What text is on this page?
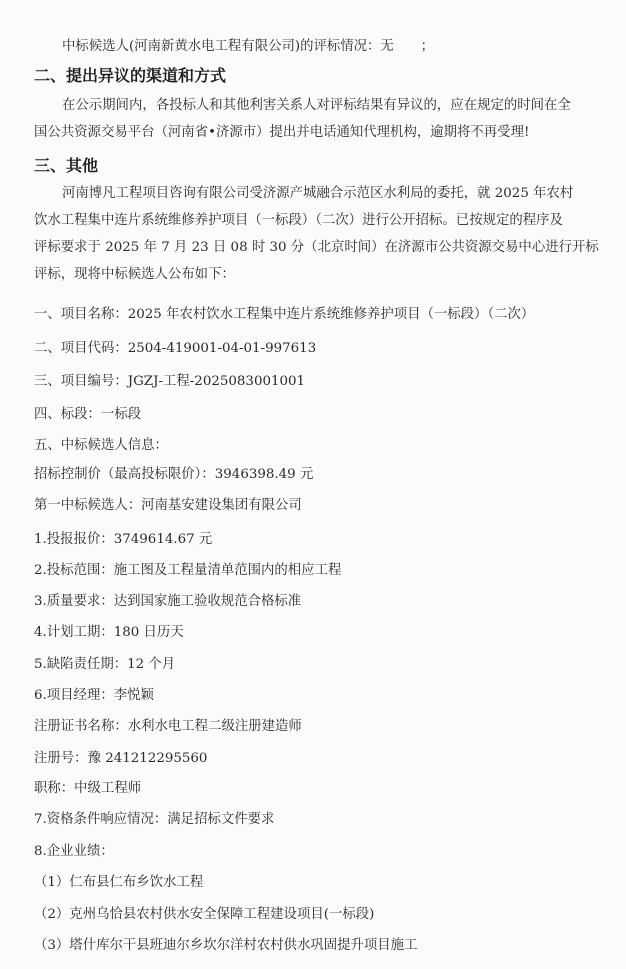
中标候选人(河南新黄水电工程有限公司)的评标情况：无　　；
二、提出异议的渠道和方式
在公示期间内，各投标人和其他利害关系人对评标结果有异议的，应在规定的时间在全
国公共资源交易平台（河南省•济源市）提出并电话通知代理机构，逾期将不再受理!
三、其他
河南博凡工程项目咨询有限公司受济源产城融合示范区水利局的委托，就 2025 年农村
饮水工程集中连片系统维修养护项目（一标段）（二次）进行公开招标。已按规定的程序及
评标要求于 2025 年 7 月 23 日 08 时 30 分（北京时间）在济源市公共资源交易中心进行开标
评标，现将中标候选人公布如下：
一、项目名称：2025 年农村饮水工程集中连片系统维修养护项目（一标段）（二次）
二、项目代码：2504-419001-04-01-997613
三、项目编号：JGZJ-工程-2025083001001
四、标段：一标段
五、中标候选人信息：
招标控制价（最高投标限价）：3946398.49 元
第一中标候选人：河南基安建设集团有限公司
1.投报报价：3749614.67 元
2.投标范围：施工图及工程量清单范围内的相应工程
3.质量要求：达到国家施工验收规范合格标准
4.计划工期：180 日历天
5.缺陷责任期：12 个月
6.项目经理：李悦颖
注册证书名称：水利水电工程二级注册建造师
注册号：豫 241212295560
职称：中级工程师
7.资格条件响应情况：满足招标文件要求
8.企业业绩：
（1）仁布县仁布乡饮水工程
（2）克州乌恰县农村供水安全保障工程建设项目(一标段)
（3）塔什库尔干县班迪尔乡坎尔洋村农村供水巩固提升项目施工
